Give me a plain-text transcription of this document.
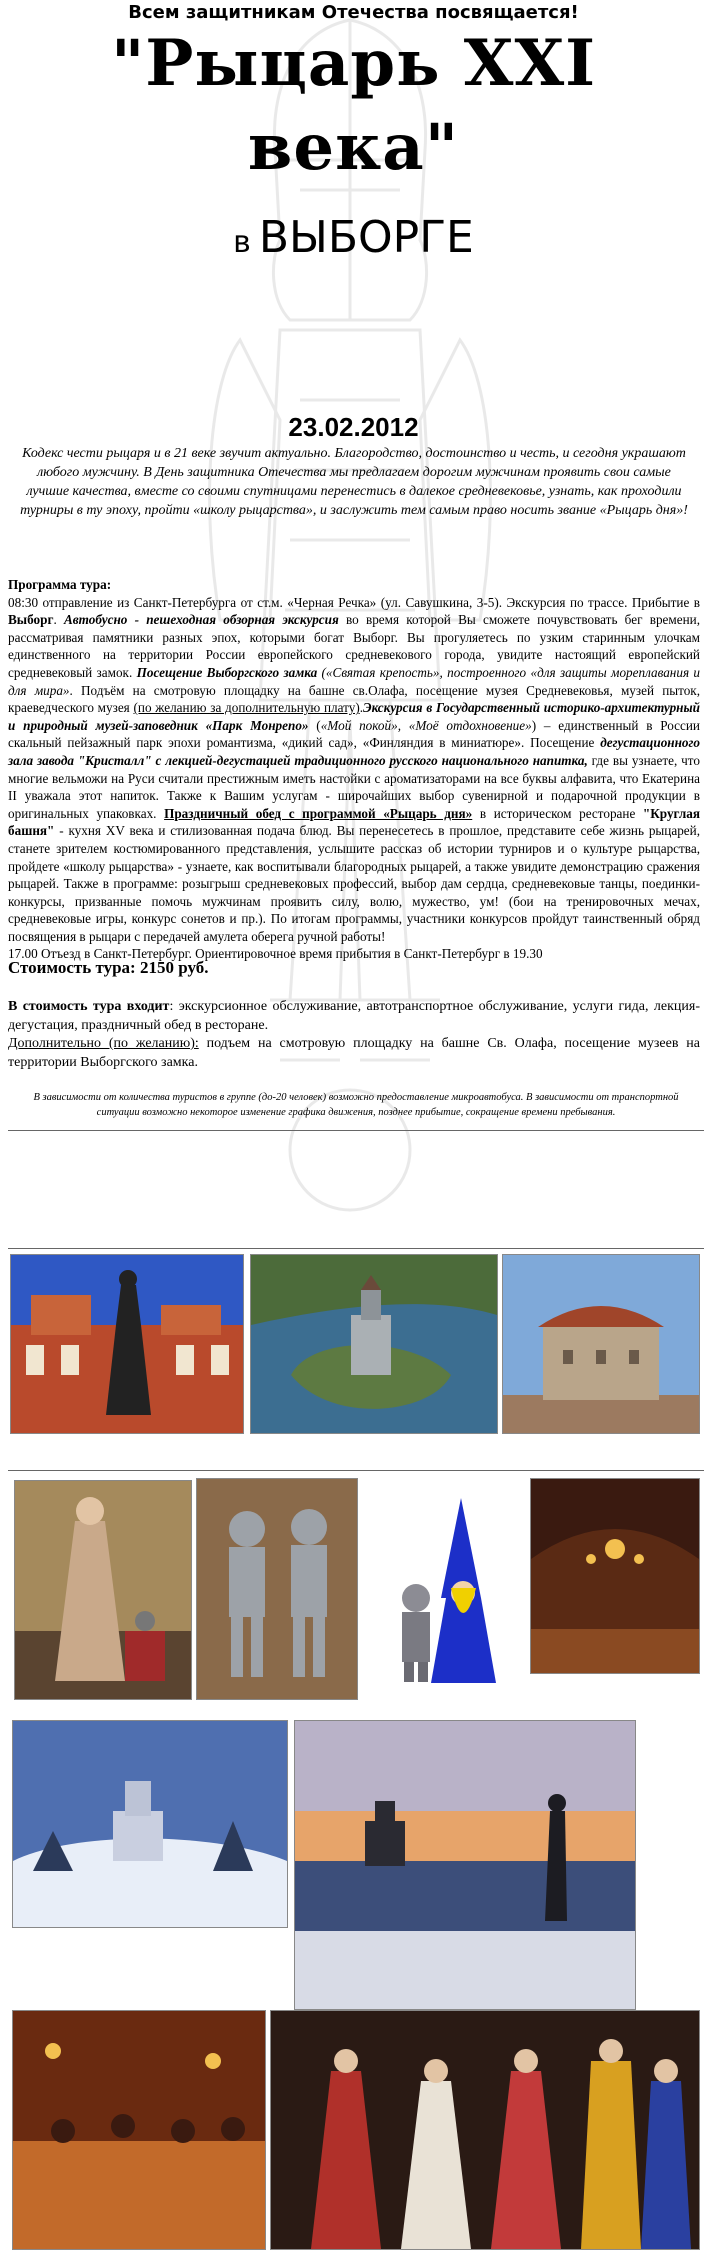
Всем защитникам Отечества посвящается!
"Рыцарь XXI века"
в ВЫБОРГЕ
23.02.2012
Кодекс чести рыцаря и в 21 веке звучит актуально. Благородство, достоинство и честь, и сегодня украшают любого мужчину. В День защитника Отечества мы предлагаем дорогим мужчинам проявить свои самые лучшие качества, вместе со своими спутницами перенестись в далекое средневековье, узнать, как проходили турниры в ту эпоху, пройти «школу рыцарства», и заслужить тем самым право носить звание «Рыцарь дня»!

Программа тура:

08:30 отправление из Санкт-Петербурга от ст.м. «Черная Речка» (ул. Савушкина, 3-5). Экскурсия по трассе. Прибытие в Выборг. Автобусно - пешеходная обзорная экскурсия во время которой Вы сможете почувствовать бег времени, рассматривая памятники разных эпох, которыми богат Выборг. Вы прогуляетесь по узким старинным улочкам единственного на территории России европейского средневекового города, увидите настоящий европейский средневековый замок. Посещение Выборгского замка («Святая крепость», построенного «для защиты мореплавания и для мира». Подъём на смотровую площадку на башне св.Олафа, посещение музея Средневековья, музей пыток, краеведческого музея (по желанию за дополнительную плату).Экскурсия в Государственный историко-архитектурный и природный музей-заповедник «Парк Монрепо» («Мой покой», «Моё отдохновение») – единственный в России скальный пейзажный парк эпохи романтизма, «дикий сад», «Финляндия в миниатюре». Посещение дегустационного зала завода "Кристалл" с лекцией-дегустацией традиционного русского национального напитка, где вы узнаете, что многие вельможи на Руси считали престижным иметь настойки с ароматизаторами на все буквы алфавита, что Екатерина II уважала этот напиток. Также к Вашим услугам - широчайших выбор сувенирной и подарочной продукции в оригинальных упаковках. Праздничный обед с программой «Рыцарь дня» в историческом ресторане "Круглая башня" - кухня XV века и стилизованная подача блюд. Вы перенесетесь в прошлое, представите себе жизнь рыцарей, станете зрителем костюмированного представления, услышите рассказ об истории турниров и о культуре рыцарства, пройдете «школу рыцарства» - узнаете, как воспитывали благородных рыцарей, а также увидите демонстрацию сражения рыцарей. Также в программе: розыгрыш средневековых профессий, выбор дам сердца, средневековые танцы, поединки-конкурсы, призванные помочь мужчинам проявить силу, волю, мужество, ум! (бои на тренировочных мечах, средневековые игры, конкурс сонетов и пр.). По итогам программы, участники конкурсов пройдут таинственный обряд посвящения в рыцари с передачей амулета оберега ручной работы!

17.00 Отъезд в Санкт-Петербург. Ориентировочное время прибытия в Санкт-Петербург в 19.30

Стоимость тура: 2150 руб.

В стоимость тура входит: экскурсионное обслуживание, автотранспортное обслуживание, услуги гида, лекция-дегустация, праздничный обед в ресторане.

Дополнительно (по желанию): подъем на смотровую площадку на башне Св. Олафа, посещение музеев на территории Выборгского замка.

В зависимости от количества туристов в группе (до-20 человек) возможно предоставление микроавтобуса. В зависимости от транспортной ситуации возможно некоторое изменение графика движения, позднее прибытие, сокращение времени пребывания.
